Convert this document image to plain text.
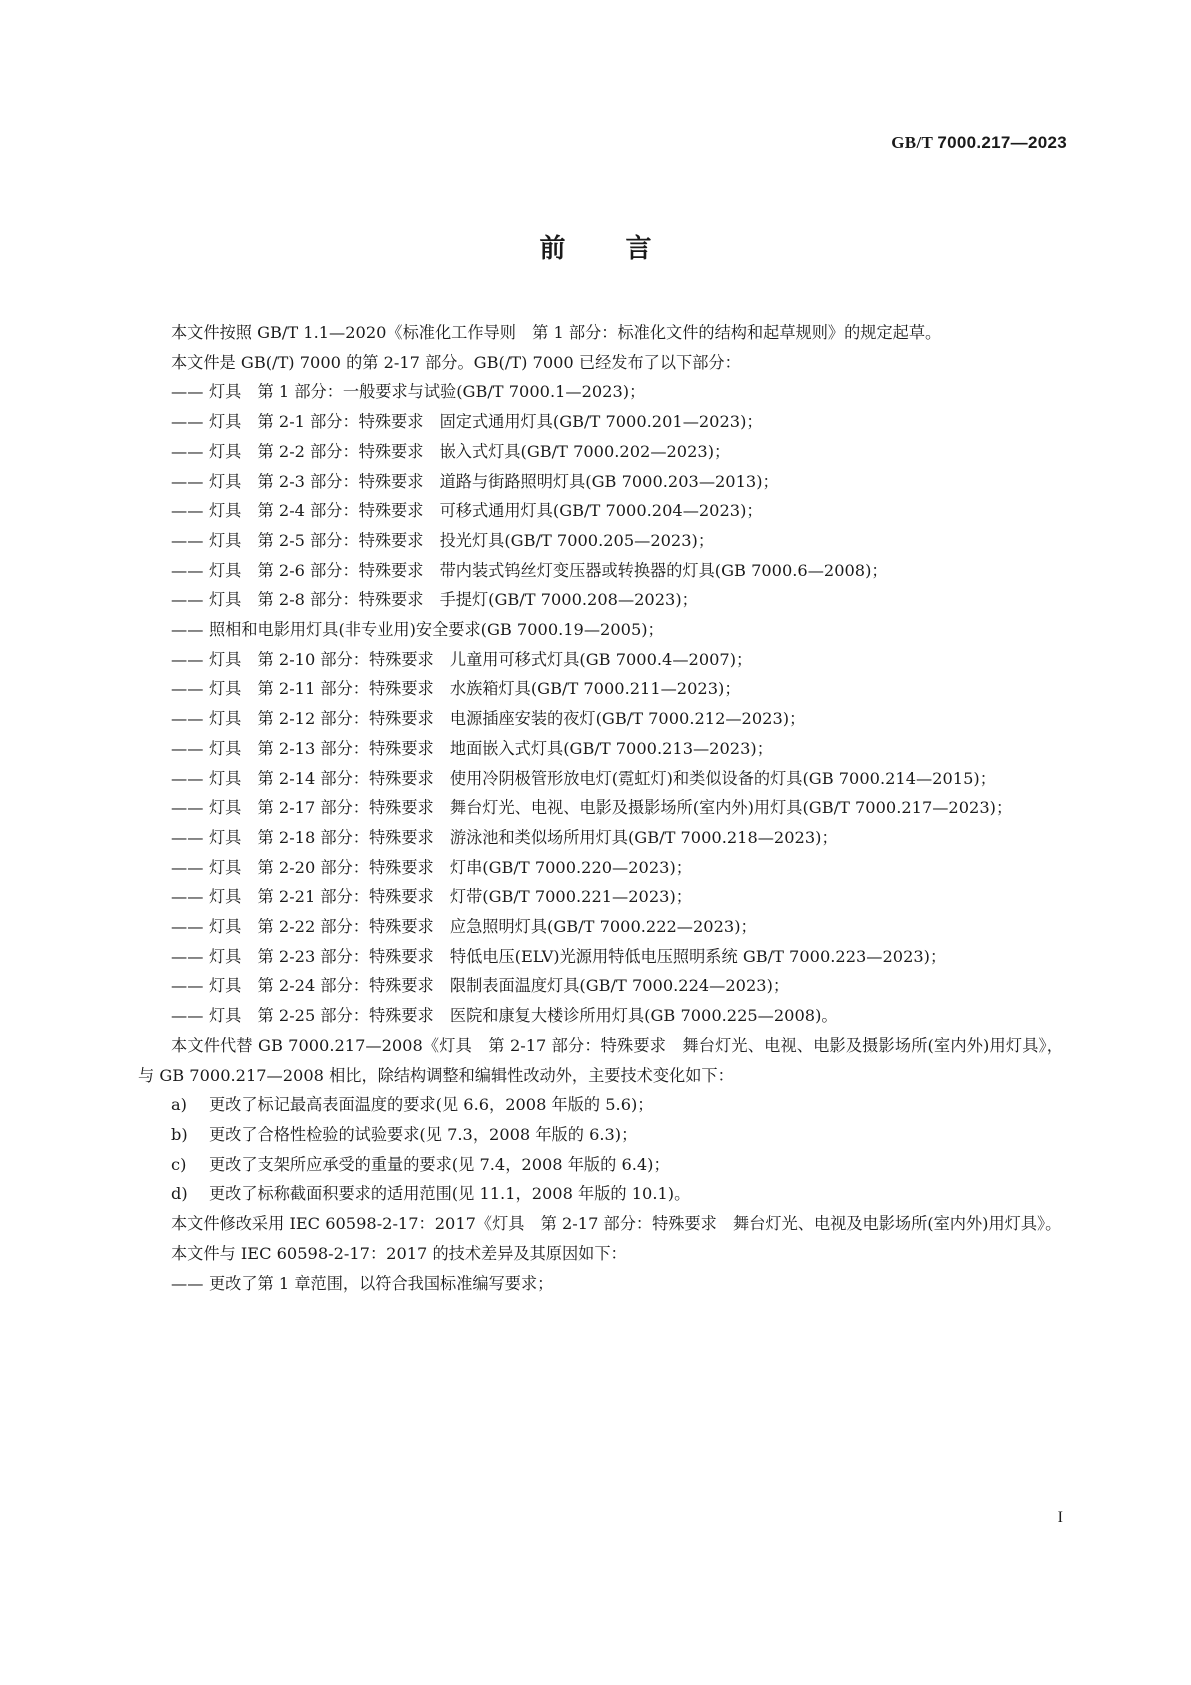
GB/T 7000.217—2023
前言

本文件按照 GB/T 1.1—2020《标准化工作导则　第 1 部分：标准化文件的结构和起草规则》的规定起草。

本文件是 GB(/T) 7000 的第 2-17 部分。GB(/T) 7000 已经发布了以下部分：

—— 灯具　第 1 部分：一般要求与试验(GB/T 7000.1—2023)；

—— 灯具　第 2-1 部分：特殊要求　固定式通用灯具(GB/T 7000.201—2023)；

—— 灯具　第 2-2 部分：特殊要求　嵌入式灯具(GB/T 7000.202—2023)；

—— 灯具　第 2-3 部分：特殊要求　道路与街路照明灯具(GB 7000.203—2013)；

—— 灯具　第 2-4 部分：特殊要求　可移式通用灯具(GB/T 7000.204—2023)；

—— 灯具　第 2-5 部分：特殊要求　投光灯具(GB/T 7000.205—2023)；

—— 灯具　第 2-6 部分：特殊要求　带内装式钨丝灯变压器或转换器的灯具(GB 7000.6—2008)；

—— 灯具　第 2-8 部分：特殊要求　手提灯(GB/T 7000.208—2023)；

—— 照相和电影用灯具(非专业用)安全要求(GB 7000.19—2005)；

—— 灯具　第 2-10 部分：特殊要求　儿童用可移式灯具(GB 7000.4—2007)；

—— 灯具　第 2-11 部分：特殊要求　水族箱灯具(GB/T 7000.211—2023)；

—— 灯具　第 2-12 部分：特殊要求　电源插座安装的夜灯(GB/T 7000.212—2023)；

—— 灯具　第 2-13 部分：特殊要求　地面嵌入式灯具(GB/T 7000.213—2023)；

—— 灯具　第 2-14 部分：特殊要求　使用冷阴极管形放电灯(霓虹灯)和类似设备的灯具(GB 7000.214—2015)；

—— 灯具　第 2-17 部分：特殊要求　舞台灯光、电视、电影及摄影场所(室内外)用灯具(GB/T 7000.217—2023)；

—— 灯具　第 2-18 部分：特殊要求　游泳池和类似场所用灯具(GB/T 7000.218—2023)；

—— 灯具　第 2-20 部分：特殊要求　灯串(GB/T 7000.220—2023)；

—— 灯具　第 2-21 部分：特殊要求　灯带(GB/T 7000.221—2023)；

—— 灯具　第 2-22 部分：特殊要求　应急照明灯具(GB/T 7000.222—2023)；

—— 灯具　第 2-23 部分：特殊要求　特低电压(ELV)光源用特低电压照明系统 GB/T 7000.223—2023)；

—— 灯具　第 2-24 部分：特殊要求　限制表面温度灯具(GB/T 7000.224—2023)；

—— 灯具　第 2-25 部分：特殊要求　医院和康复大楼诊所用灯具(GB 7000.225—2008)。

本文件代替 GB 7000.217—2008《灯具　第 2-17 部分：特殊要求　舞台灯光、电视、电影及摄影场所(室内外)用灯具》，与 GB 7000.217—2008 相比，除结构调整和编辑性改动外，主要技术变化如下：

a)	更改了标记最高表面温度的要求(见 6.6，2008 年版的 5.6)；

b)	更改了合格性检验的试验要求(见 7.3，2008 年版的 6.3)；

c)	更改了支架所应承受的重量的要求(见 7.4，2008 年版的 6.4)；

d)	更改了标称截面积要求的适用范围(见 11.1，2008 年版的 10.1)。

本文件修改采用 IEC 60598-2-17：2017《灯具　第 2-17 部分：特殊要求　舞台灯光、电视及电影场所(室内外)用灯具》。

本文件与 IEC 60598-2-17：2017 的技术差异及其原因如下：

—— 更改了第 1 章范围，以符合我国标准编写要求；

I
